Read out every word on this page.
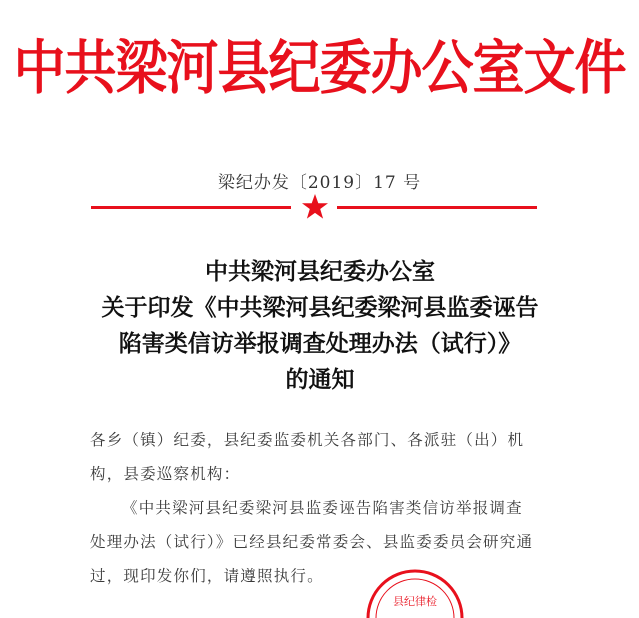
中共梁河县纪委办公室文件
梁纪办发〔2019〕17 号
中共梁河县纪委办公室
关于印发《中共梁河县纪委梁河县监委诬告
陷害类信访举报调查处理办法（试行）》
的通知
各乡（镇）纪委，县纪委监委机关各部门、各派驻（出）机
构，县委巡察机构：
《中共梁河县纪委梁河县监委诬告陷害类信访举报调查
处理办法（试行）》已经县纪委常委会、县监委委员会研究通
过，现印发你们，请遵照执行。
县纪律检
